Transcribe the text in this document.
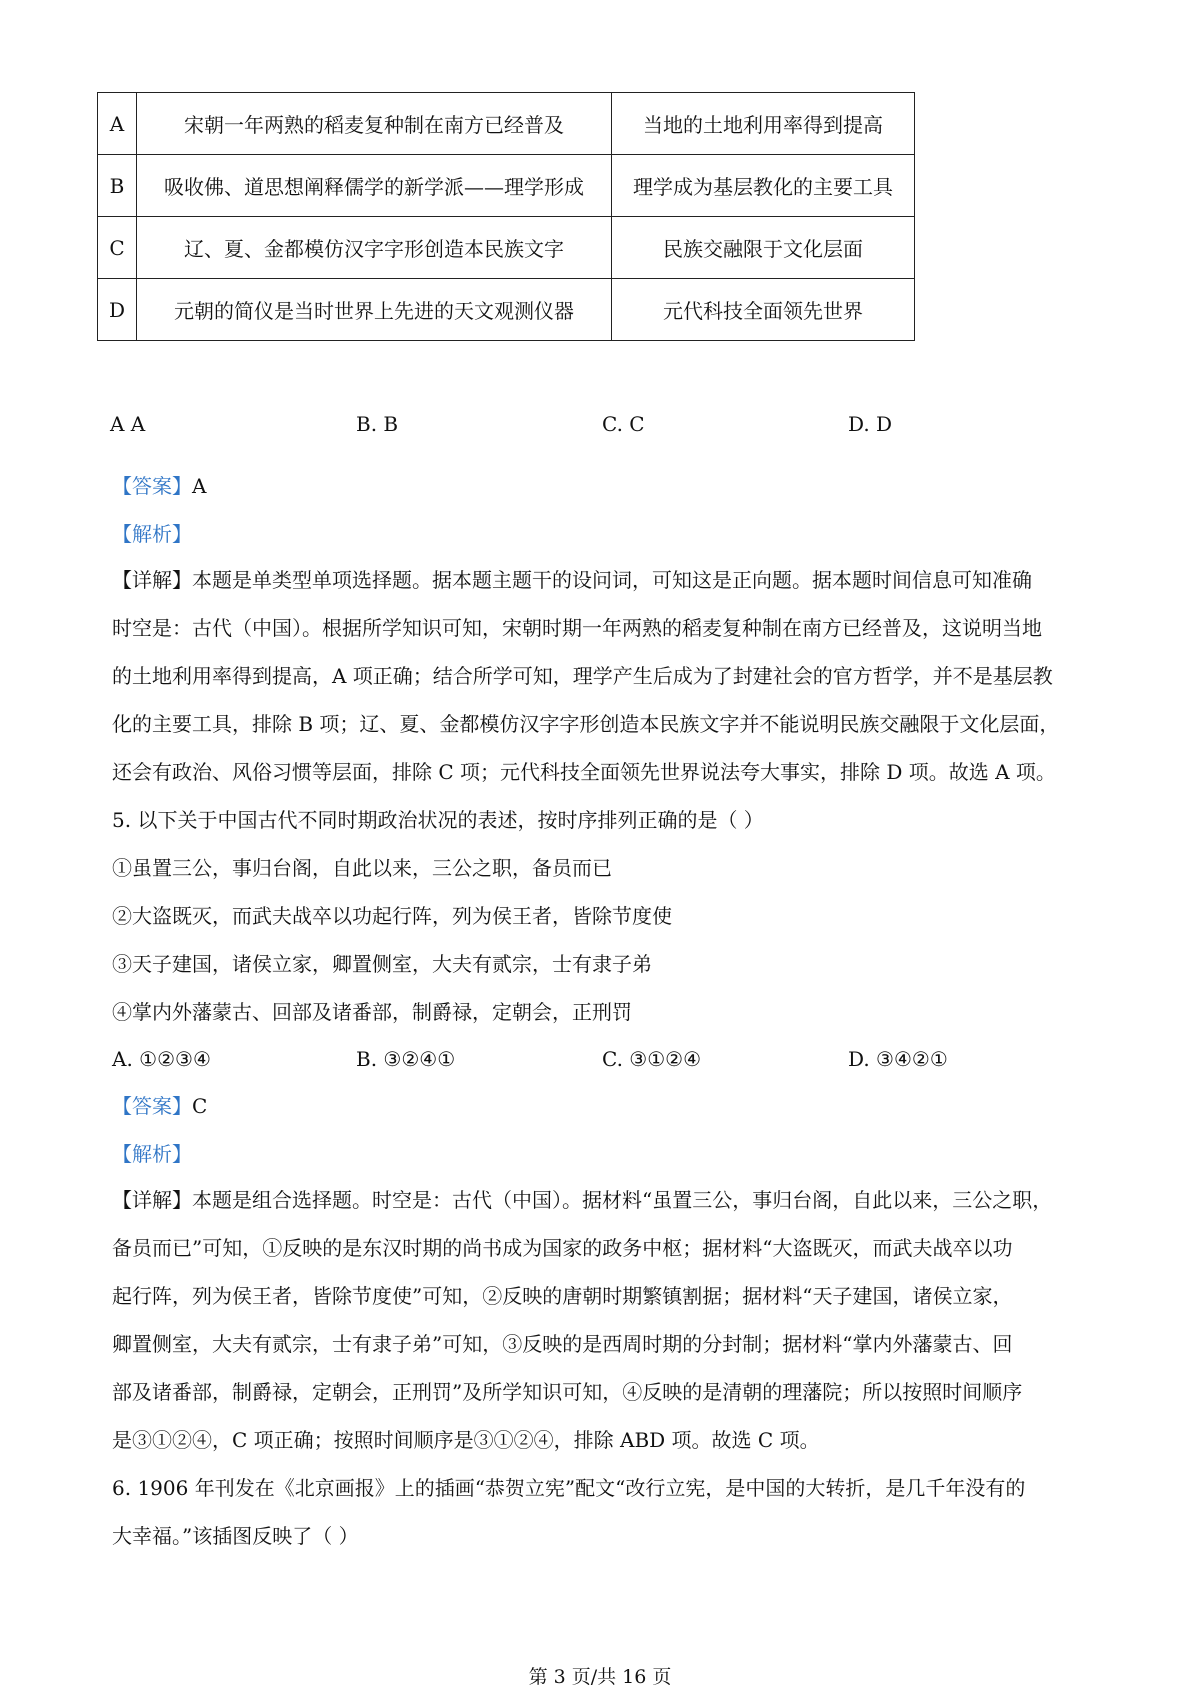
A	宋朝一年两熟的稻麦复种制在南方已经普及	当地的土地利用率得到提高
B	吸收佛、道思想阐释儒学的新学派——理学形成	理学成为基层教化的主要工具
C	辽、夏、金都模仿汉字字形创造本民族文字	民族交融限于文化层面
D	元朝的简仪是当时世界上先进的天文观测仪器	元代科技全面领先世界
A A	B. B	C. C	D. D
【答案】A
【解析】
【详解】本题是单类型单项选择题。据本题主题干的设问词，可知这是正向题。据本题时间信息可知准确
时空是：古代（中国）。根据所学知识可知，宋朝时期一年两熟的稻麦复种制在南方已经普及，这说明当地
的土地利用率得到提高，A 项正确；结合所学可知，理学产生后成为了封建社会的官方哲学，并不是基层教
化的主要工具，排除 B 项；辽、夏、金都模仿汉字字形创造本民族文字并不能说明民族交融限于文化层面，
还会有政治、风俗习惯等层面，排除 C 项；元代科技全面领先世界说法夸大事实，排除 D 项。故选 A 项。
5. 以下关于中国古代不同时期政治状况的表述，按时序排列正确的是（ ）
①虽置三公，事归台阁，自此以来，三公之职，备员而已
②大盗既灭，而武夫战卒以功起行阵，列为侯王者，皆除节度使
③天子建国，诸侯立家，卿置侧室，大夫有贰宗，士有隶子弟
④掌内外藩蒙古、回部及诸番部，制爵禄，定朝会，正刑罚
A. ①②③④	B. ③②④①	C. ③①②④	D. ③④②①
【答案】C
【解析】
【详解】本题是组合选择题。时空是：古代（中国）。据材料“虽置三公，事归台阁，自此以来，三公之职，
备员而已”可知，①反映的是东汉时期的尚书成为国家的政务中枢；据材料“大盗既灭，而武夫战卒以功
起行阵，列为侯王者，皆除节度使”可知，②反映的唐朝时期繁镇割据；据材料“天子建国，诸侯立家，
卿置侧室，大夫有贰宗，士有隶子弟”可知，③反映的是西周时期的分封制；据材料“掌内外藩蒙古、回
部及诸番部，制爵禄，定朝会，正刑罚”及所学知识可知，④反映的是清朝的理藩院；所以按照时间顺序
是③①②④，C 项正确；按照时间顺序是③①②④，排除 ABD 项。故选 C 项。
6. 1906 年刊发在《北京画报》上的插画“恭贺立宪”配文“改行立宪，是中国的大转折，是几千年没有的
大幸福。”该插图反映了（ ）
第 3 页/共 16 页
